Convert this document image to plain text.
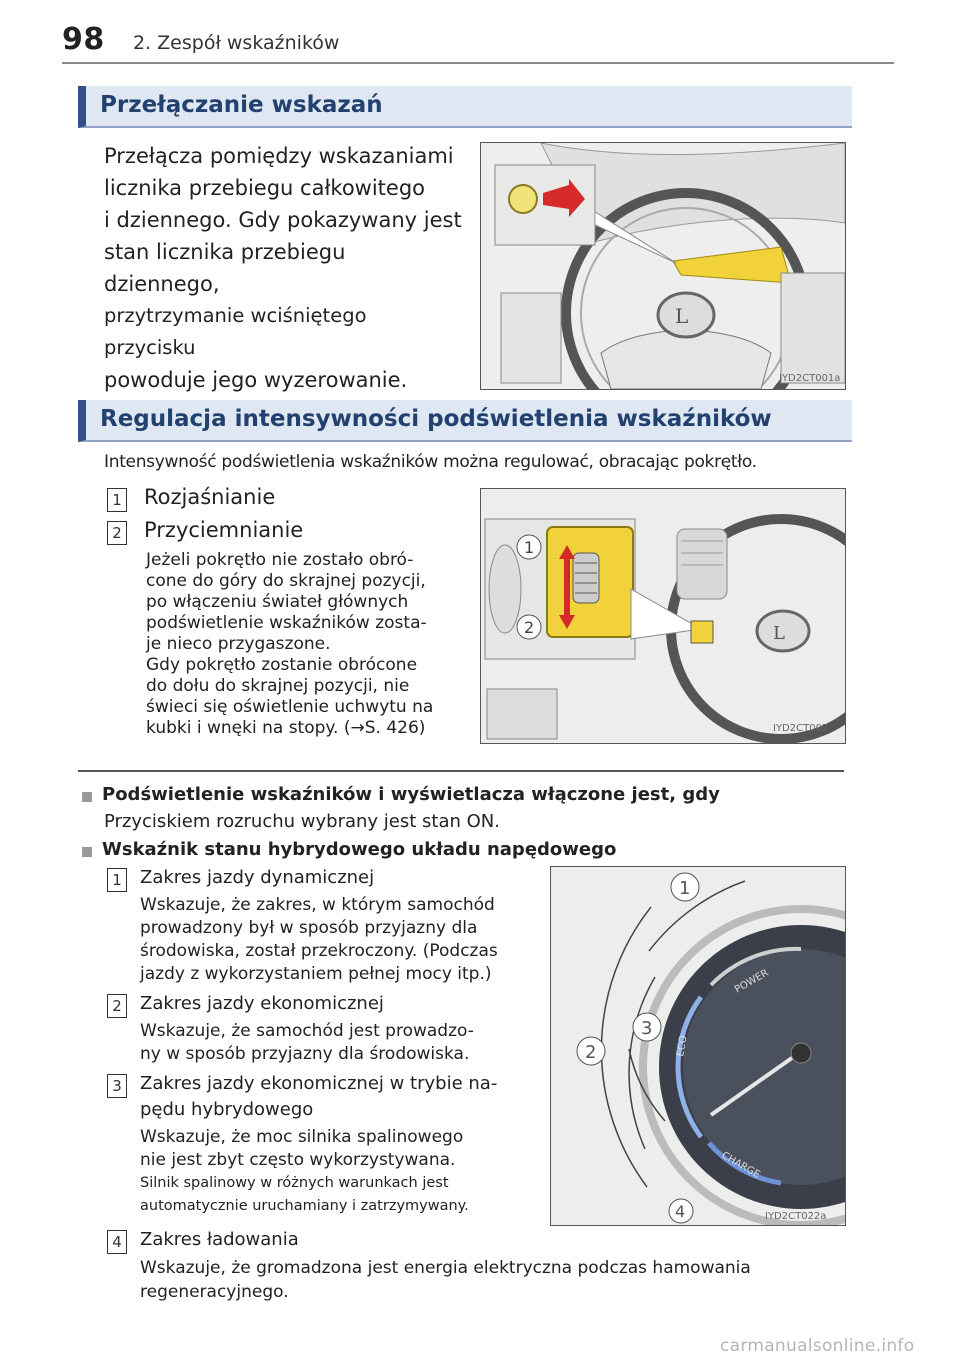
98 2. Zespół wskaźników
Przełączanie wskazań
Przełącza pomiędzy wskazaniami
licznika przebiegu całkowitego
i dziennego. Gdy pokazywany jest
stan licznika przebiegu dziennego,
przytrzymanie wciśniętego przycisku
powoduje jego wyzerowanie.
L
IYD2CT001a
Regulacja intensywności podświetlenia wskaźników
Intensywność podświetlenia wskaźników można regulować, obracając pokrętło.
1 Rozjaśnianie
2 Przyciemnianie
Jeżeli pokrętło nie zostało obró-
cone do góry do skrajnej pozycji,
po włączeniu świateł głównych
podświetlenie wskaźników zosta-
je nieco przygaszone.
Gdy pokrętło zostanie obrócone
do dołu do skrajnej pozycji, nie
świeci się oświetlenie uchwytu na
kubki i wnęki na stopy. (→S. 426)
L
1
2
IYD2CT002
Podświetlenie wskaźników i wyświetlacza włączone jest, gdy
Przyciskiem rozruchu wybrany jest stan ON.
Wskaźnik stanu hybrydowego układu napędowego
1 Zakres jazdy dynamicznej
Wskazuje, że zakres, w którym samochód
prowadzony był w sposób przyjazny dla
środowiska, został przekroczony. (Podczas
jazdy z wykorzystaniem pełnej mocy itp.)
2 Zakres jazdy ekonomicznej
Wskazuje, że samochód jest prowadzo-
ny w sposób przyjazny dla środowiska.
3 Zakres jazdy ekonomicznej w trybie na-
pędu hybrydowego
Wskazuje, że moc silnika spalinowego
nie jest zbyt często wykorzystywana.
Silnik spalinowy w różnych warunkach jest
automatycznie uruchamiany i zatrzymywany.
4 Zakres ładowania
Wskazuje, że gromadzona jest energia elektryczna podczas hamowania
regeneracyjnego.
POWER
ECO
CHARGE
1
2
3
4	IYD2CT022a
carmanualsonline.info
